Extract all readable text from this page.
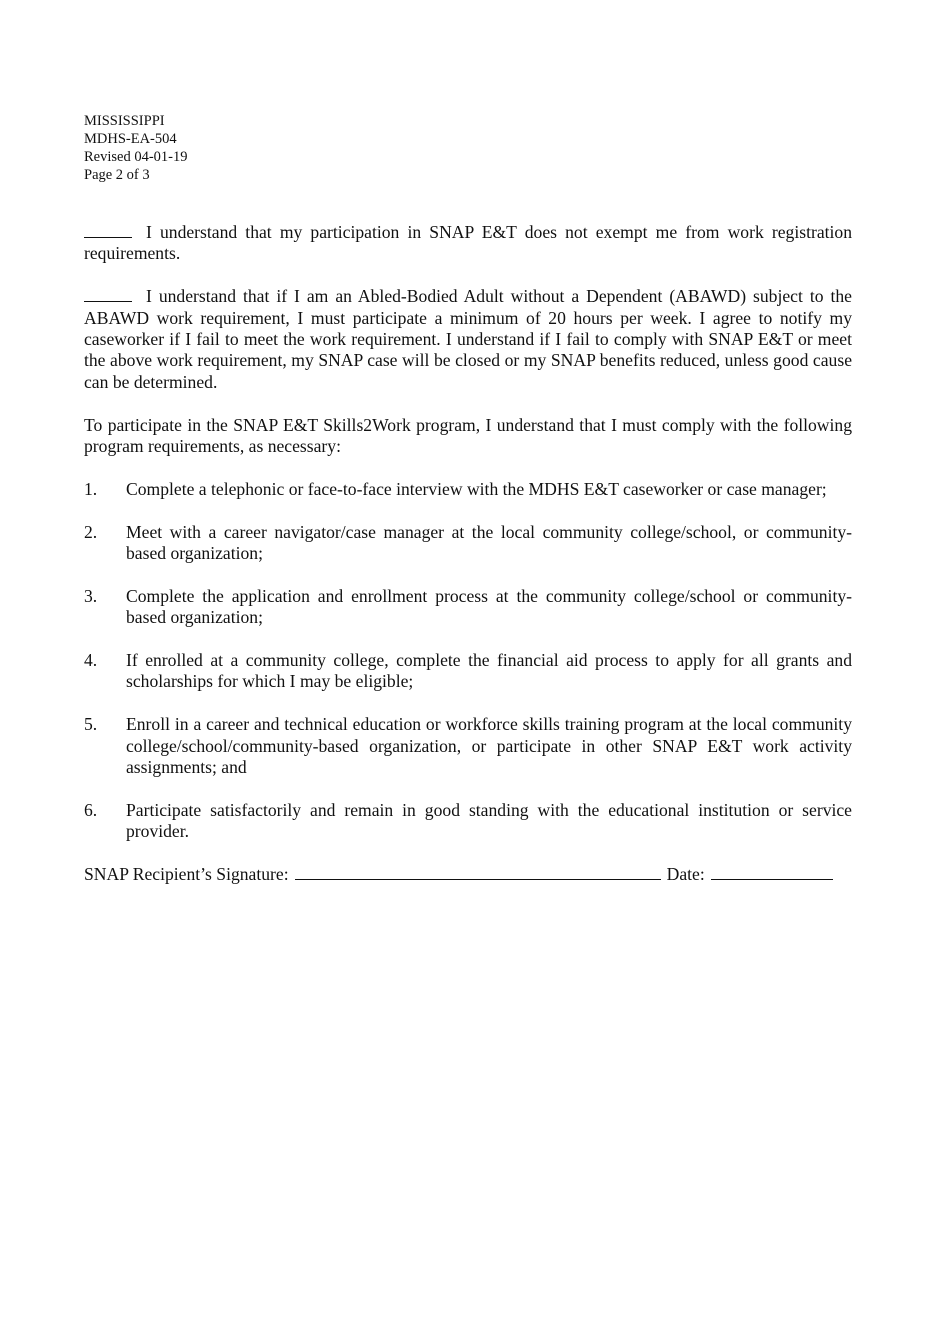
MISSISSIPPI
MDHS-EA-504
Revised 04-01-19
Page 2 of 3

I understand that my participation in SNAP E&T does not exempt me from work registration requirements.

I understand that if I am an Abled-Bodied Adult without a Dependent (ABAWD) subject to the ABAWD work requirement, I must participate a minimum of 20 hours per week. I agree to notify my caseworker if I fail to meet the work requirement. I understand if I fail to comply with SNAP E&T or meet the above work requirement, my SNAP case will be closed or my SNAP benefits reduced, unless good cause can be determined.

To participate in the SNAP E&T Skills2Work program, I understand that I must comply with the following program requirements, as necessary:

1. Complete a telephonic or face-to-face interview with the MDHS E&T caseworker or case manager;
2. Meet with a career navigator/case manager at the local community college/school, or community-based organization;
3. Complete the application and enrollment process at the community college/school or community-based organization;
4. If enrolled at a community college, complete the financial aid process to apply for all grants and scholarships for which I may be eligible;
5. Enroll in a career and technical education or workforce skills training program at the local community college/school/community-based organization, or participate in other SNAP E&T work activity assignments; and
6. Participate satisfactorily and remain in good standing with the educational institution or service provider.
SNAP Recipient’s Signature:	Date:
